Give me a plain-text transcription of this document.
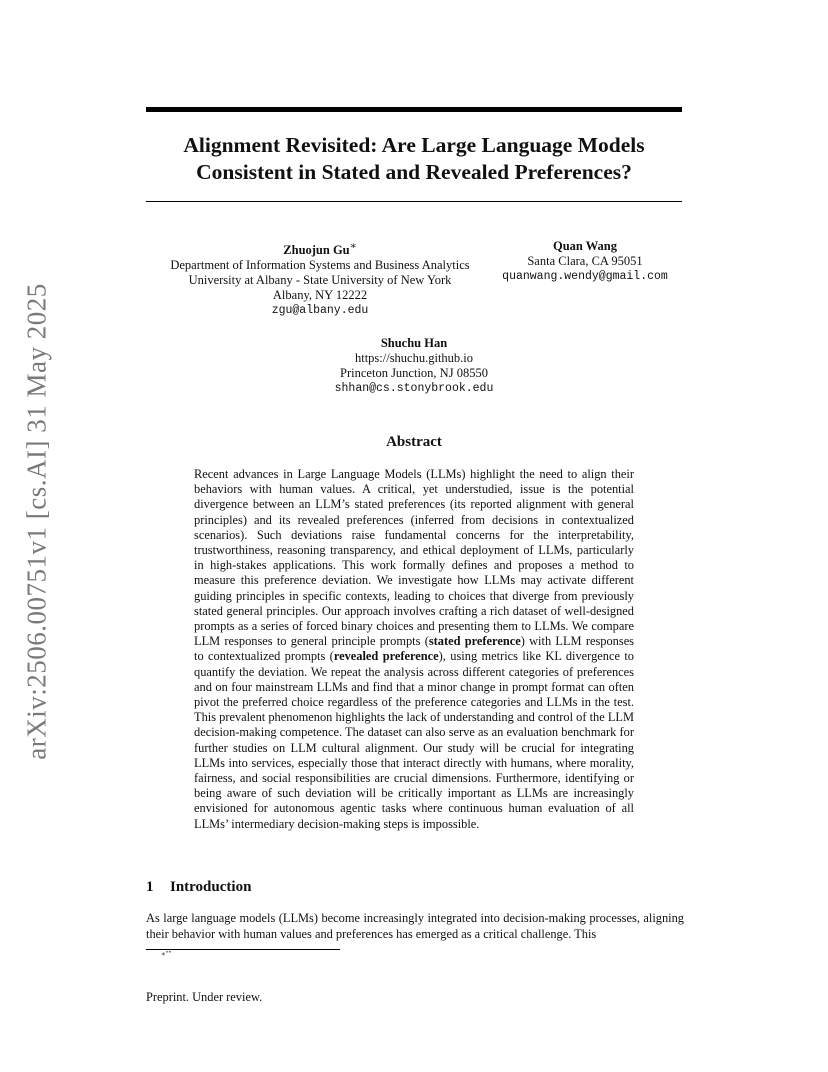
Alignment Revisited: Are Large Language Models
Consistent in Stated and Revealed Preferences?
arXiv:2506.00751v1 [cs.AI] 31 May 2025
Zhuojun Gu∗
Department of Information Systems and Business Analytics
University at Albany - State University of New York
Albany, NY 12222
zgu@albany.edu
Quan Wang
Santa Clara, CA 95051
quanwang.wendy@gmail.com
Shuchu Han
https://shuchu.github.io
Princeton Junction, NJ 08550
shhan@cs.stonybrook.edu
Abstract

Recent advances in Large Language Models (LLMs) highlight the need to align their behaviors with human values. A critical, yet understudied, issue is the potential divergence between an LLM’s stated preferences (its reported alignment with general principles) and its revealed preferences (inferred from decisions in contextualized scenarios). Such deviations raise fundamental concerns for the interpretability, trustworthiness, reasoning transparency, and ethical deployment of LLMs, particularly in high-stakes applications. This work formally defines and proposes a method to measure this preference deviation. We investigate how LLMs may activate different guiding principles in specific contexts, leading to choices that diverge from previously stated general principles. Our approach involves crafting a rich dataset of well-designed prompts as a series of forced binary choices and presenting them to LLMs. We compare LLM responses to general principle prompts (stated preference) with LLM responses to contextualized prompts (revealed preference), using metrics like KL divergence to quantify the deviation. We repeat the analysis across different categories of preferences and on four mainstream LLMs and find that a minor change in prompt format can often pivot the preferred choice regardless of the preference categories and LLMs in the test. This prevalent phenomenon highlights the lack of understanding and control of the LLM decision-making competence. The dataset can also serve as an evaluation benchmark for further studies on LLM cultural alignment. Our study will be crucial for integrating LLMs into services, especially those that interact directly with humans, where morality, fairness, and social responsibilities are crucial dimensions. Furthermore, identifying or being aware of such deviation will be critically important as LLMs are increasingly envisioned for autonomous agentic tasks where continuous human evaluation of all LLMs’ intermediary decision-making steps is impossible.

1 Introduction

As large language models (LLMs) become increasingly integrated into decision-making processes, aligning their behavior with human values and preferences has emerged as a critical challenge. This

∗""
Preprint. Under review.
